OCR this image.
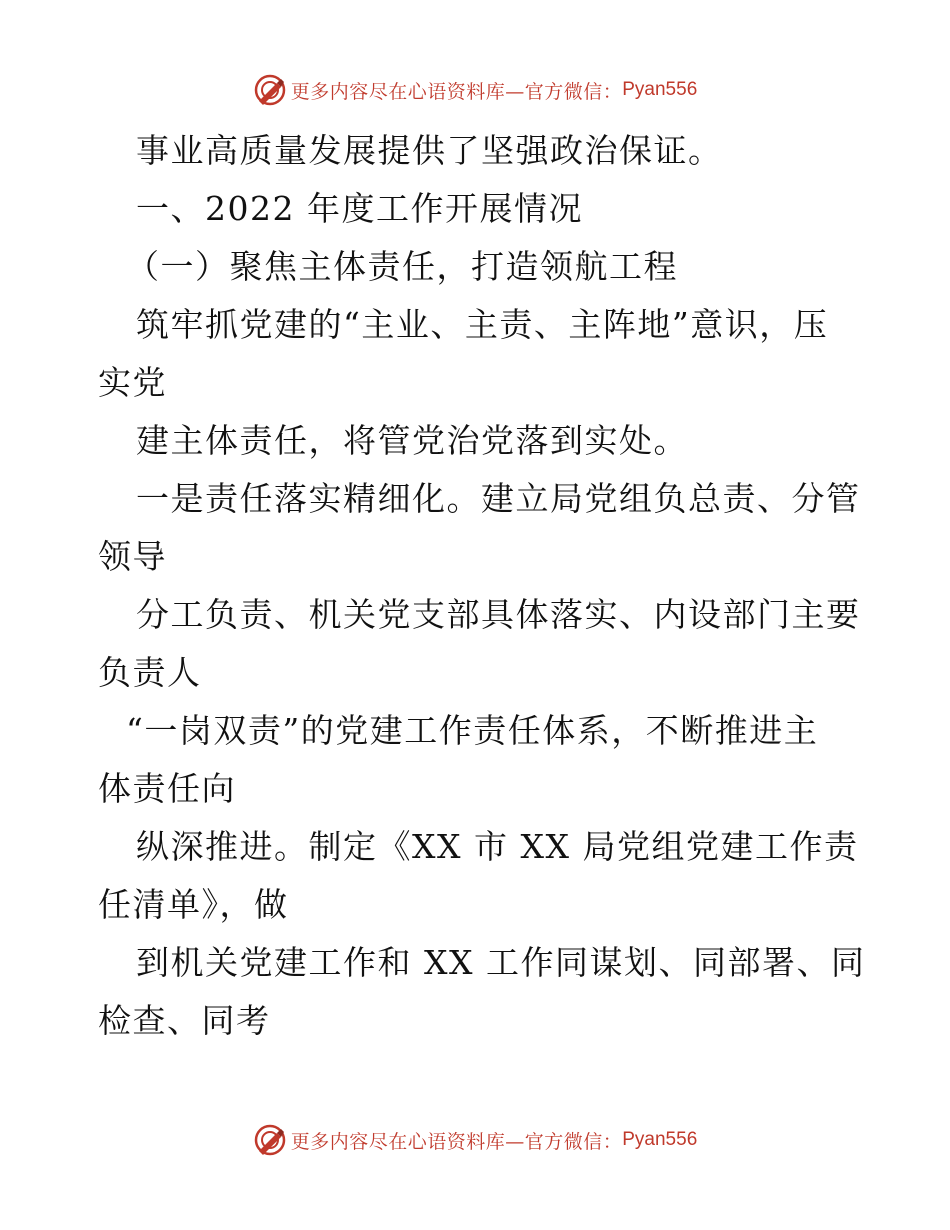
更多内容尽在心语资料库—官方微信： Pyan556
事业高质量发展提供了坚强政治保证。
一、2022 年度工作开展情况
（一）聚焦主体责任，打造领航工程
筑牢抓党建的“主业、主责、主阵地”意识，压
实党
建主体责任，将管党治党落到实处。
一是责任落实精细化。建立局党组负总责、分管
领导
分工负责、机关党支部具体落实、内设部门主要
负责人
“一岗双责”的党建工作责任体系，不断推进主
体责任向
纵深推进。制定《XX 市 XX 局党组党建工作责
任清单》，做
到机关党建工作和 XX 工作同谋划、同部署、同
检查、同考
更多内容尽在心语资料库—官方微信： Pyan556
